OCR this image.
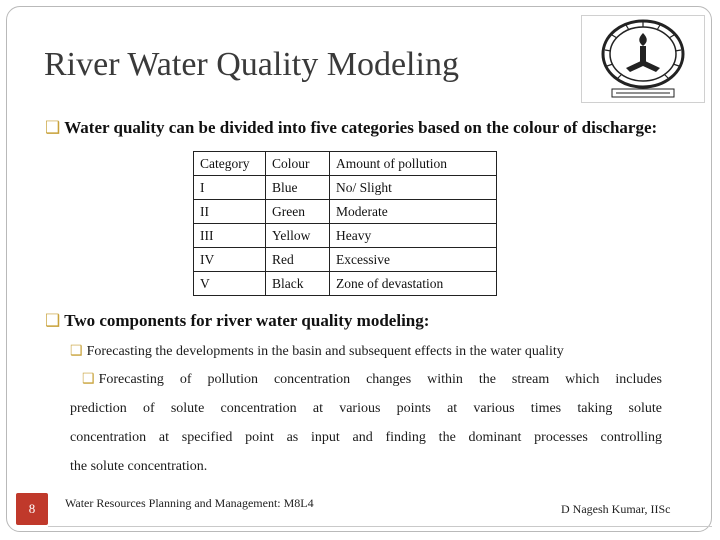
River Water Quality Modeling
❑ Water quality can be divided into five categories based on the colour of discharge:
Category	Colour	Amount of pollution
I	Blue	No/ Slight
II	Green	Moderate
III	Yellow	Heavy
IV	Red	Excessive
V	Black	Zone of devastation
❑ Two components for river water quality modeling:
❑ Forecasting the developments in the basin and subsequent effects in the water quality

❑ Forecasting of pollution concentration changes within the stream which includes

prediction of solute concentration at various points at various times taking solute

concentration at specified point as input and finding the dominant processes controlling

the solute concentration.

8	Water Resources Planning and Management: M8L4	D Nagesh Kumar, IISc
